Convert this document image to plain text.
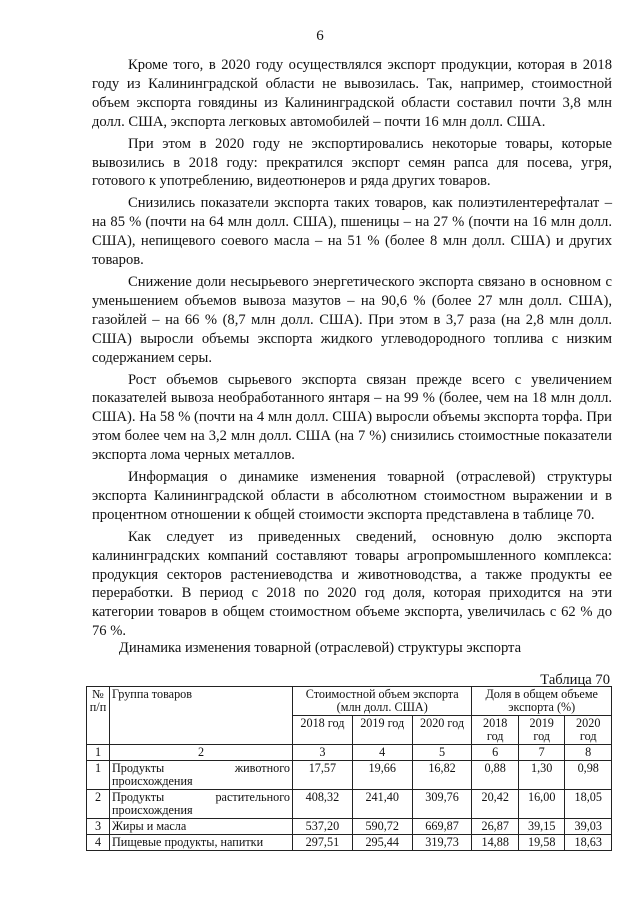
6

Кроме того, в 2020 году осуществлялся экспорт продукции, которая в 2018 году из Калининградской области не вывозилась. Так, например, стоимостной объем экспорта говядины из Калининградской области составил почти 3,8 млн долл. США, экспорта легковых автомобилей – почти 16 млн долл. США.

При этом в 2020 году не экспортировались некоторые товары, которые вывозились в 2018 году: прекратился экспорт семян рапса для посева, угря, готового к употреблению, видеотюнеров и ряда других товаров.

Снизились показатели экспорта таких товаров, как полиэтилентерефталат – на 85 % (почти на 64 млн долл. США), пшеницы – на 27 % (почти на 16 млн долл. США), непищевого соевого масла – на 51 % (более 8 млн долл. США) и других товаров.

Снижение доли несырьевого энергетического экспорта связано в основном с уменьшением объемов вывоза мазутов – на 90,6 % (более 27 млн долл. США), газойлей – на 66 % (8,7 млн долл. США). При этом в 3,7 раза (на 2,8 млн долл. США) выросли объемы экспорта жидкого углеводородного топлива с низким содержанием серы.

Рост объемов сырьевого экспорта связан прежде всего с увеличением показателей вывоза необработанного янтаря – на 99 % (более, чем на 18 млн долл. США). На 58 % (почти на 4 млн долл. США) выросли объемы экспорта торфа. При этом более чем на 3,2 млн долл. США (на 7 %) снизились стоимостные показатели экспорта лома черных металлов.

Информация о динамике изменения товарной (отраслевой) структуры экспорта Калининградской области в абсолютном стоимостном выражении и в процентном отношении к общей стоимости экспорта представлена в таблице 70.

Как следует из приведенных сведений, основную долю экспорта калининградских компаний составляют товары агропромышленного комплекса: продукция секторов растениеводства и животноводства, а также продукты ее переработки. В период с 2018 по 2020 год доля, которая приходится на эти категории товаров в общем стоимостном объеме экспорта, увеличилась с 62 % до 76 %.

Динамика изменения товарной (отраслевой) структуры экспорта
Таблица 70
№ п/п	Группа товаров	Стоимостной объем экспорта (млн долл. США)			Доля в общем объеме экспорта (%)		
		2018 год	2019 год	2020 год	2018 год	2019 год	2020 год
1	2	3	4	5	6	7	8
1	Продукты животного происхождения	17,57	19,66	16,82	0,88	1,30	0,98
2	Продукты растительного происхождения	408,32	241,40	309,76	20,42	16,00	18,05
3	Жиры и масла	537,20	590,72	669,87	26,87	39,15	39,03
4	Пищевые продукты, напитки	297,51	295,44	319,73	14,88	19,58	18,63
